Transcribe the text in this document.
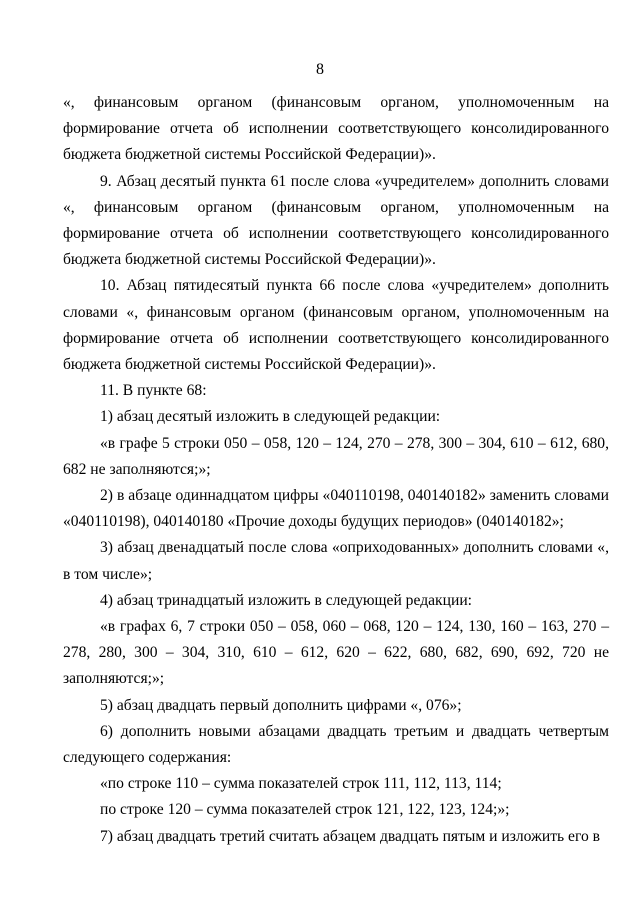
8

«, финансовым органом (финансовым органом, уполномоченным на формирование отчета об исполнении соответствующего консолидированного бюджета бюджетной системы Российской Федерации)».

9. Абзац десятый пункта 61 после слова «учредителем» дополнить словами «, финансовым органом (финансовым органом, уполномоченным на формирование отчета об исполнении соответствующего консолидированного бюджета бюджетной системы Российской Федерации)».

10. Абзац пятидесятый пункта 66 после слова «учредителем» дополнить словами «, финансовым органом (финансовым органом, уполномоченным на формирование отчета об исполнении соответствующего консолидированного бюджета бюджетной системы Российской Федерации)».

11. В пункте 68:

1) абзац десятый изложить в следующей редакции:

«в графе 5 строки 050 – 058, 120 – 124, 270 – 278, 300 – 304, 610 – 612, 680, 682 не заполняются;»;

2) в абзаце одиннадцатом цифры «040110198, 040140182» заменить словами «040110198), 040140180 «Прочие доходы будущих периодов» (040140182»;

3) абзац двенадцатый после слова «оприходованных» дополнить словами «, в том числе»;

4) абзац тринадцатый изложить в следующей редакции:

«в графах 6, 7 строки 050 – 058, 060 – 068, 120 – 124, 130, 160 – 163, 270 – 278, 280, 300 – 304, 310, 610 – 612, 620 – 622, 680, 682, 690, 692, 720 не заполняются;»;

5) абзац двадцать первый дополнить цифрами «, 076»;

6) дополнить новыми абзацами двадцать третьим и двадцать четвертым следующего содержания:

«по строке 110 – сумма показателей строк 111, 112, 113, 114;

по строке 120 – сумма показателей строк 121, 122, 123, 124;»;

7) абзац двадцать третий считать абзацем двадцать пятым и изложить его в
